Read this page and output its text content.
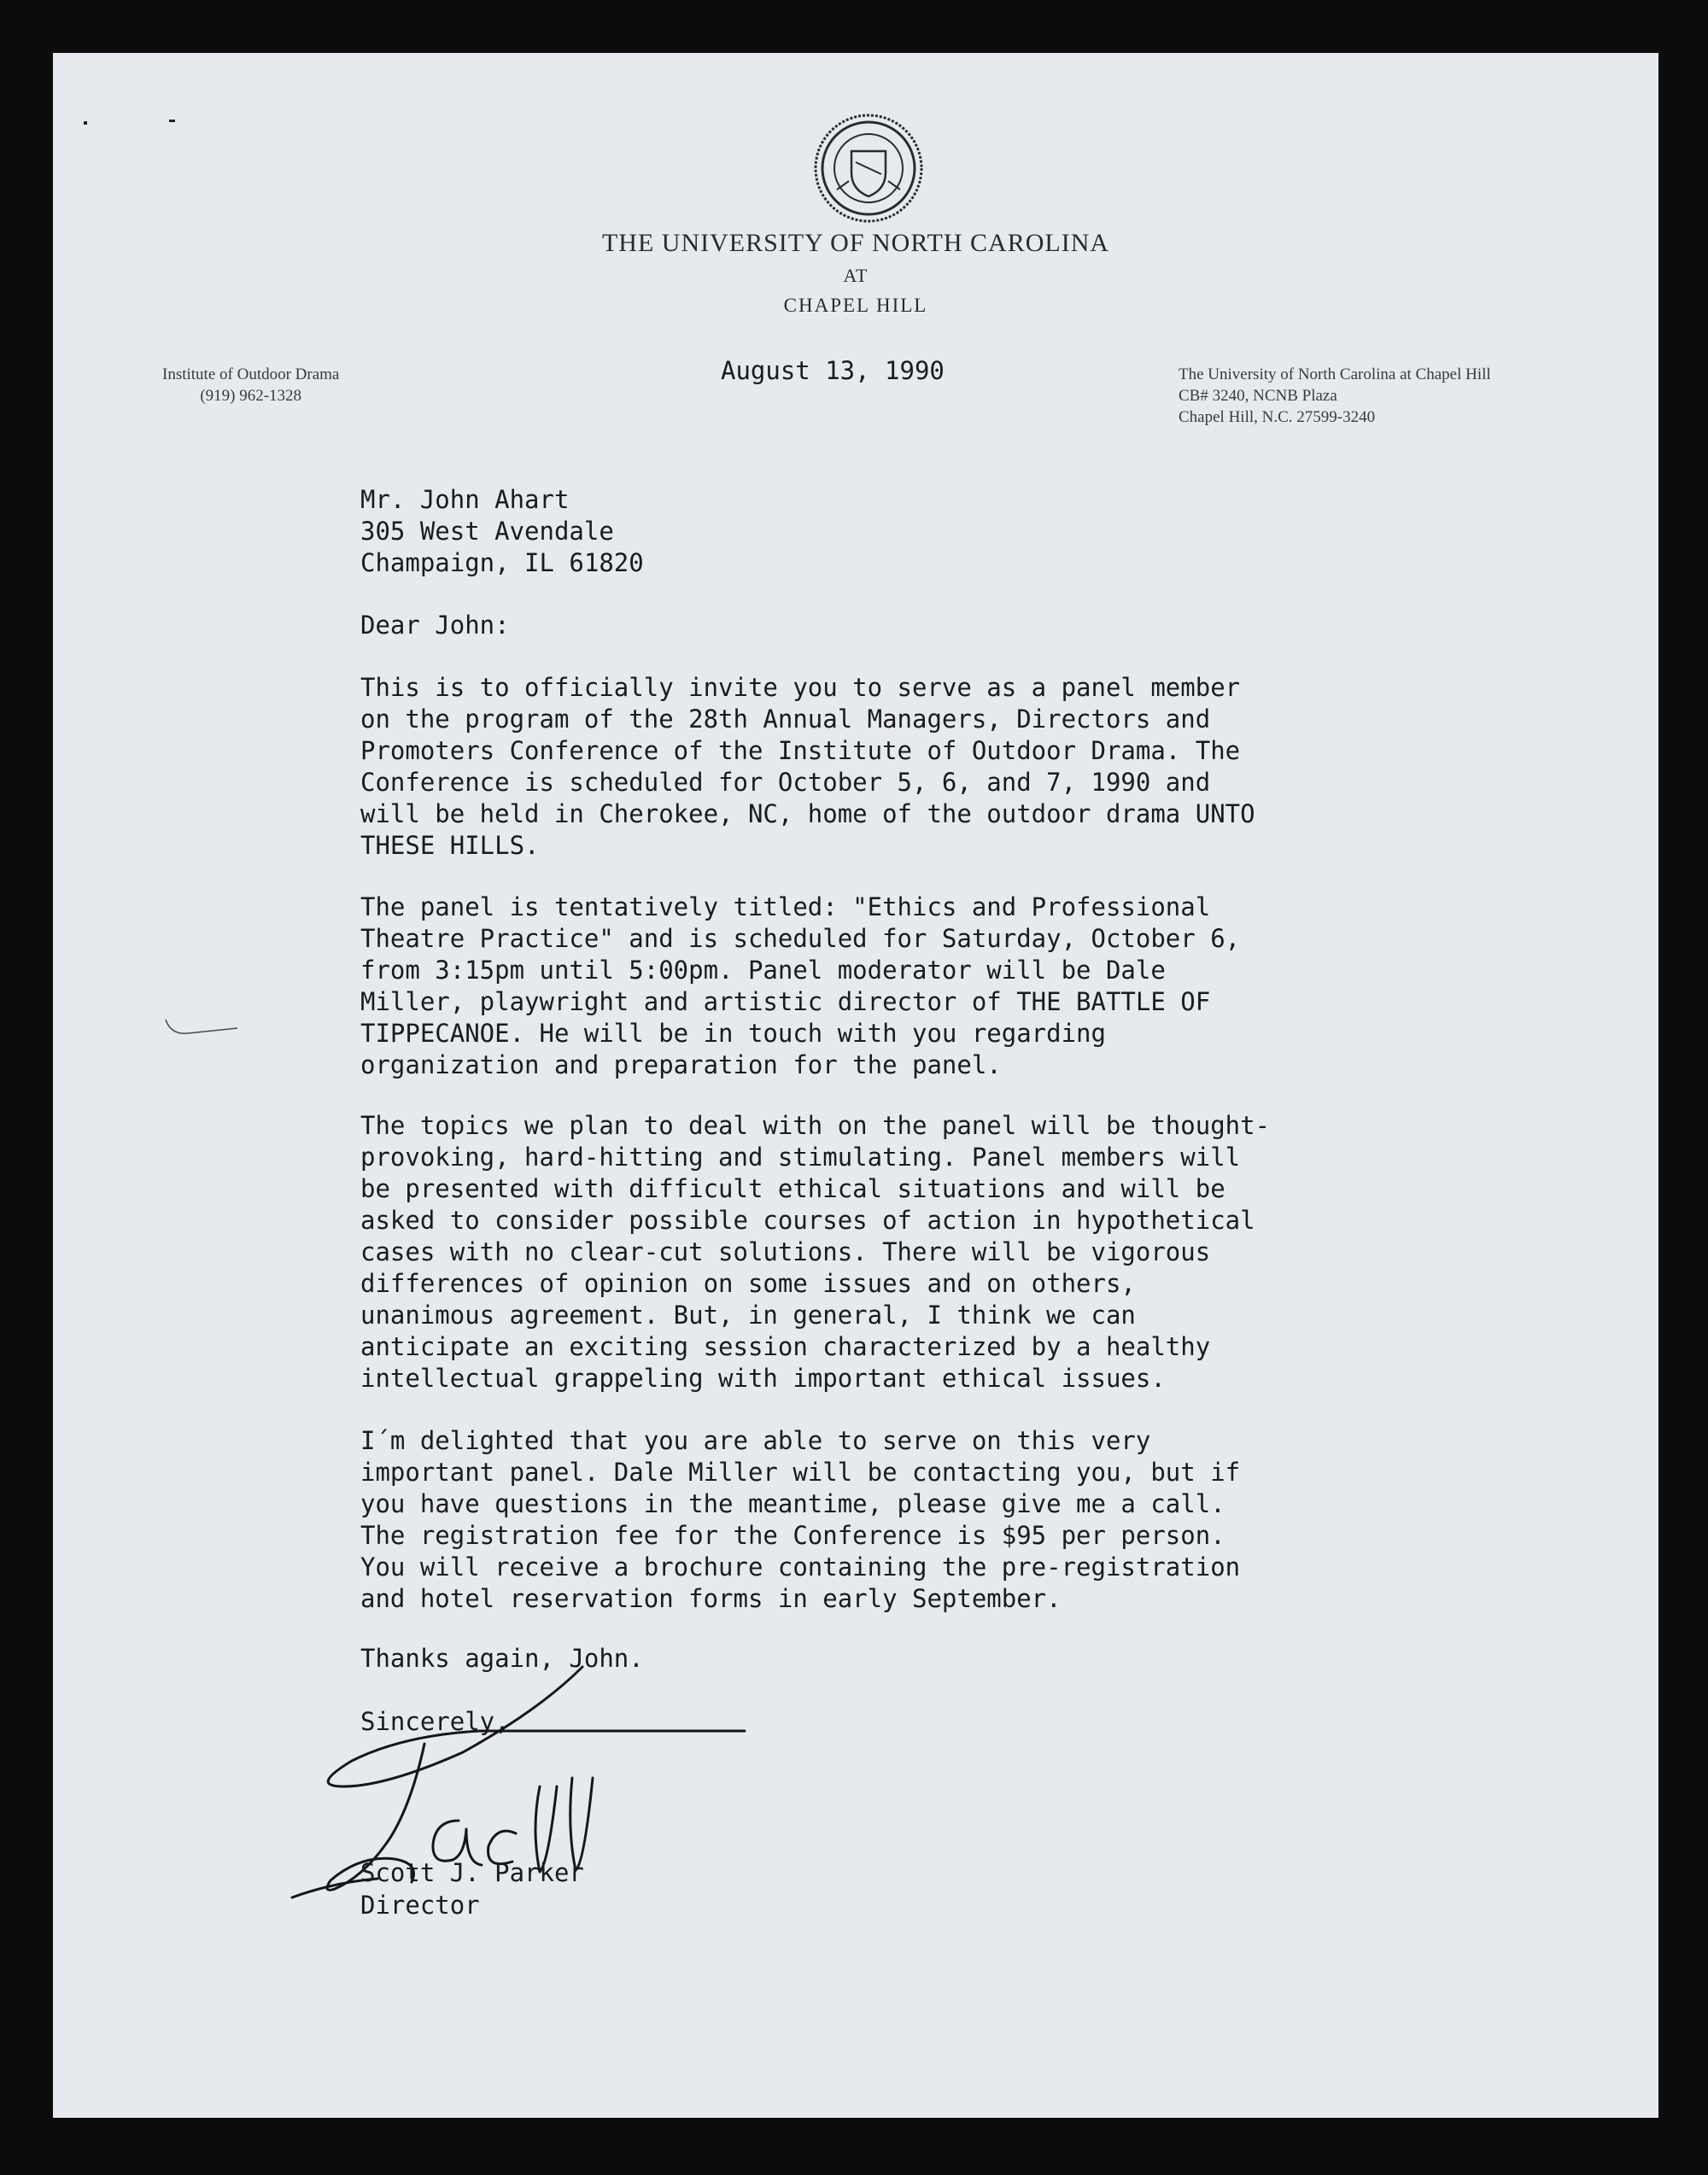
THE UNIVERSITY OF NORTH CAROLINA

AT

CHAPEL HILL

Institute of Outdoor Drama
(919) 962-1328
The University of North Carolina at Chapel Hill
CB# 3240, NCNB Plaza
Chapel Hill, N.C. 27599-3240
August 13, 1990
Mr. John Ahart
305 West Avendale
Champaign, IL 61820
Dear John:
This is to officially invite you to serve as a panel member
on the program of the 28th Annual Managers, Directors and
Promoters Conference of the Institute of Outdoor Drama. The
Conference is scheduled for October 5, 6, and 7, 1990 and
will be held in Cherokee, NC, home of the outdoor drama UNTO
THESE HILLS.
The panel is tentatively titled: "Ethics and Professional
Theatre Practice" and is scheduled for Saturday, October 6,
from 3:15pm until 5:00pm. Panel moderator will be Dale
Miller, playwright and artistic director of THE BATTLE OF
TIPPECANOE. He will be in touch with you regarding
organization and preparation for the panel.
The topics we plan to deal with on the panel will be thought-
provoking, hard-hitting and stimulating. Panel members will
be presented with difficult ethical situations and will be
asked to consider possible courses of action in hypothetical
cases with no clear-cut solutions. There will be vigorous
differences of opinion on some issues and on others,
unanimous agreement. But, in general, I think we can
anticipate an exciting session characterized by a healthy
intellectual grappeling with important ethical issues.
I´m delighted that you are able to serve on this very
important panel. Dale Miller will be contacting you, but if
you have questions in the meantime, please give me a call.
The registration fee for the Conference is $95 per person.
You will receive a brochure containing the pre-registration
and hotel reservation forms in early September.
Thanks again, John.
Sincerely,
Scott J. Parker
Director
